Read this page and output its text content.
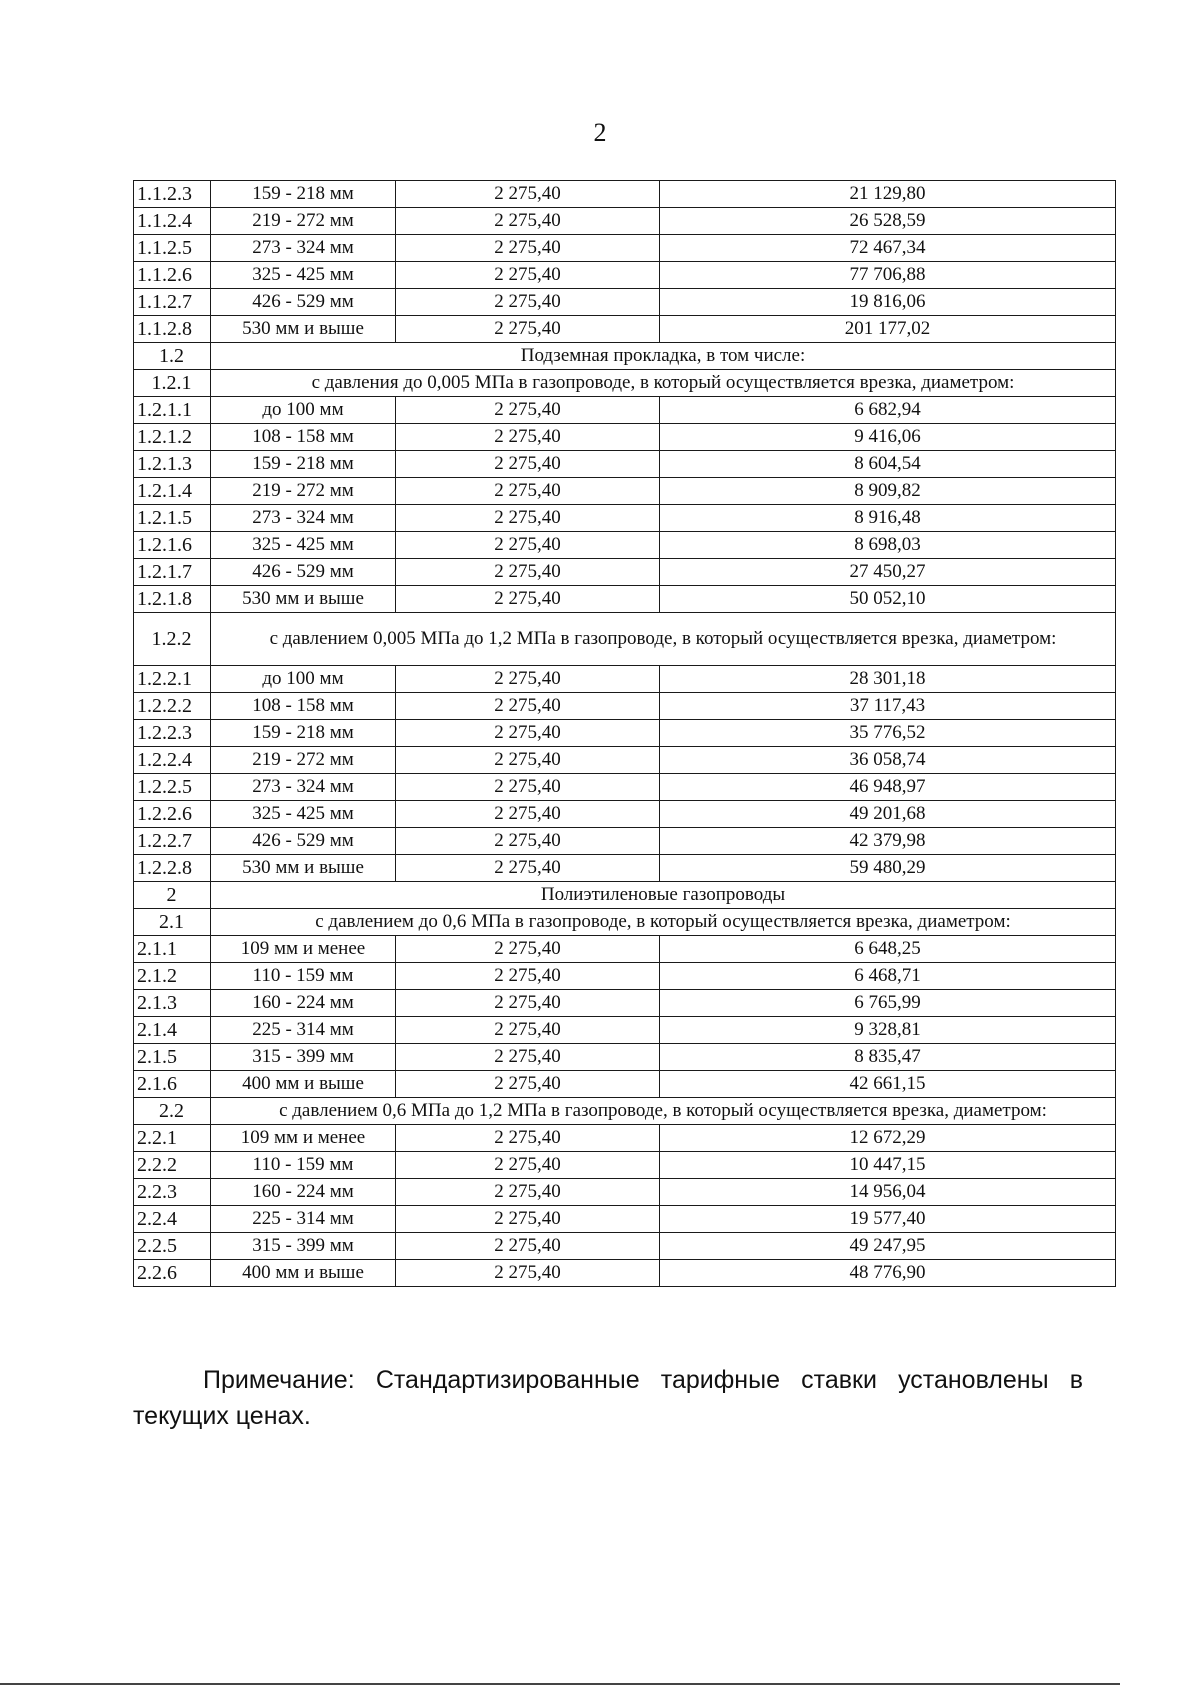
2
1.1.2.3	159 - 218 мм	2 275,40	21 129,80
1.1.2.4	219 - 272 мм	2 275,40	26 528,59
1.1.2.5	273 - 324 мм	2 275,40	72 467,34
1.1.2.6	325 - 425 мм	2 275,40	77 706,88
1.1.2.7	426 - 529 мм	2 275,40	19 816,06
1.1.2.8	530 мм и выше	2 275,40	201 177,02
1.2	Подземная прокладка, в том числе:		
1.2.1	с давления до 0,005 МПа в газопроводе, в который осуществляется врезка, диаметром:		
1.2.1.1	до 100 мм	2 275,40	6 682,94
1.2.1.2	108 - 158 мм	2 275,40	9 416,06
1.2.1.3	159 - 218 мм	2 275,40	8 604,54
1.2.1.4	219 - 272 мм	2 275,40	8 909,82
1.2.1.5	273 - 324 мм	2 275,40	8 916,48
1.2.1.6	325 - 425 мм	2 275,40	8 698,03
1.2.1.7	426 - 529 мм	2 275,40	27 450,27
1.2.1.8	530 мм и выше	2 275,40	50 052,10
1.2.2	с давлением 0,005 МПа до 1,2 МПа в газопроводе, в который осуществляется врезка, диаметром:		
1.2.2.1	до 100 мм	2 275,40	28 301,18
1.2.2.2	108 - 158 мм	2 275,40	37 117,43
1.2.2.3	159 - 218 мм	2 275,40	35 776,52
1.2.2.4	219 - 272 мм	2 275,40	36 058,74
1.2.2.5	273 - 324 мм	2 275,40	46 948,97
1.2.2.6	325 - 425 мм	2 275,40	49 201,68
1.2.2.7	426 - 529 мм	2 275,40	42 379,98
1.2.2.8	530 мм и выше	2 275,40	59 480,29
2	Полиэтиленовые газопроводы		
2.1	с давлением до 0,6 МПа в газопроводе, в который осуществляется врезка, диаметром:		
2.1.1	109 мм и менее	2 275,40	6 648,25
2.1.2	110 - 159 мм	2 275,40	6 468,71
2.1.3	160 - 224 мм	2 275,40	6 765,99
2.1.4	225 - 314 мм	2 275,40	9 328,81
2.1.5	315 - 399 мм	2 275,40	8 835,47
2.1.6	400 мм и выше	2 275,40	42 661,15
2.2	с давлением 0,6 МПа до 1,2 МПа в газопроводе, в который осуществляется врезка, диаметром:		
2.2.1	109 мм и менее	2 275,40	12 672,29
2.2.2	110 - 159 мм	2 275,40	10 447,15
2.2.3	160 - 224 мм	2 275,40	14 956,04
2.2.4	225 - 314 мм	2 275,40	19 577,40
2.2.5	315 - 399 мм	2 275,40	49 247,95
2.2.6	400 мм и выше	2 275,40	48 776,90
Примечание: Стандартизированные тарифные ставки установлены в текущих ценах.
